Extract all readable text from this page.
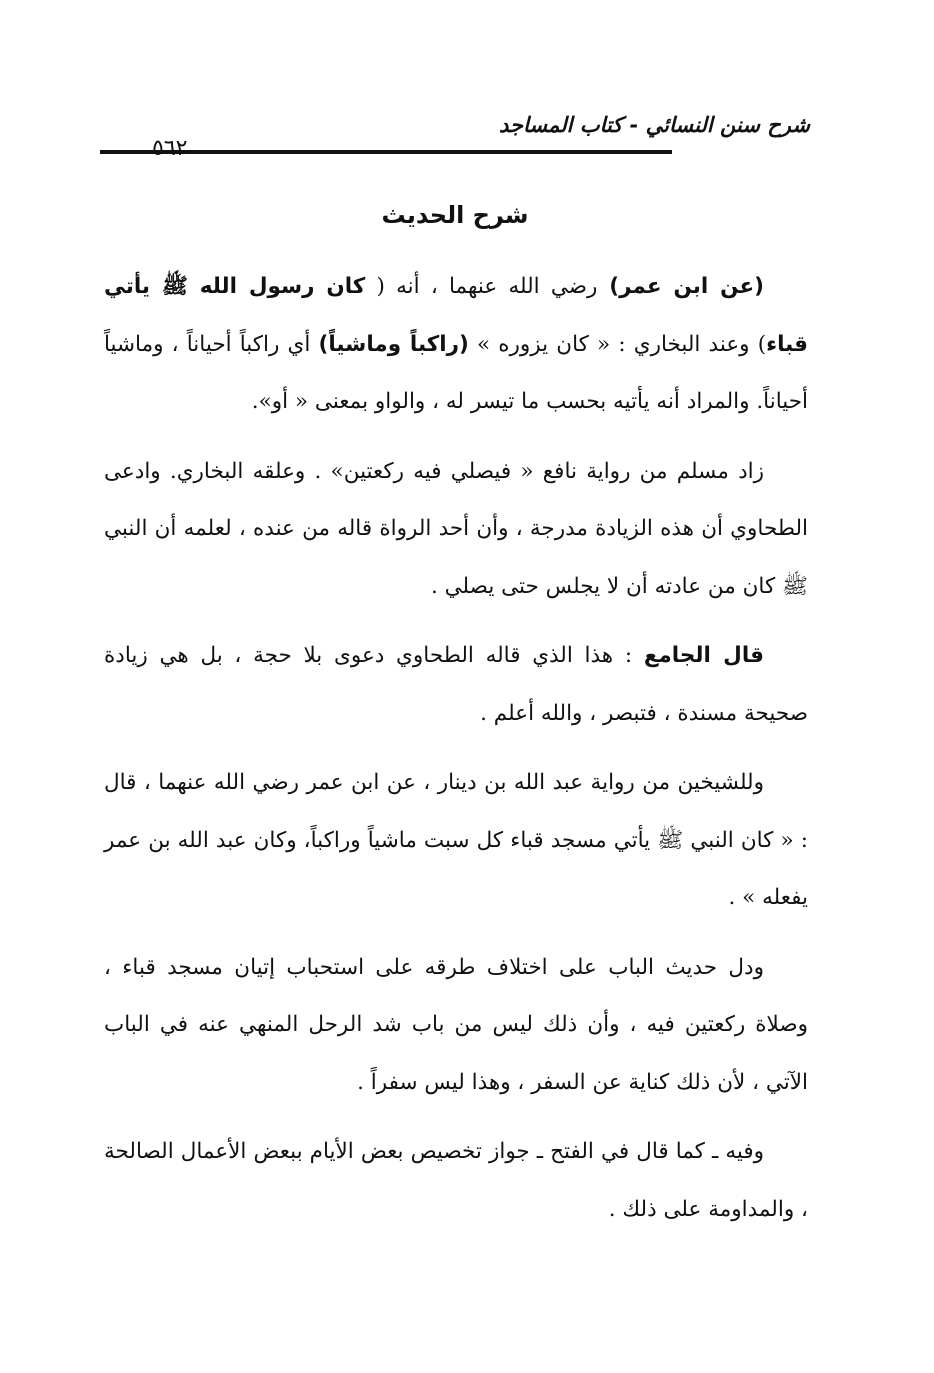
شرح سنن النسائي - كتاب المساجد
٥٦٢
شرح الحديث

(عن ابن عمر) رضي الله عنهما ، أنه ( كان رسول الله ﷺ يأتي قباء) وعند البخاري : « كان يزوره » (راكباً وماشياً) أي راكباً أحياناً ، وماشياً أحياناً. والمراد أنه يأتيه بحسب ما تيسر له ، والواو بمعنى « أو».

زاد مسلم من رواية نافع « فيصلي فيه ركعتين» . وعلقه البخاري. وادعى الطحاوي أن هذه الزيادة مدرجة ، وأن أحد الرواة قاله من عنده ، لعلمه أن النبي ﷺ كان من عادته أن لا يجلس حتى يصلي .

قال الجامع : هذا الذي قاله الطحاوي دعوى بلا حجة ، بل هي زيادة صحيحة مسندة ، فتبصر ، والله أعلم .

وللشيخين من رواية عبد الله بن دينار ، عن ابن عمر رضي الله عنهما ، قال : « كان النبي ﷺ يأتي مسجد قباء كل سبت ماشياً وراكباً، وكان عبد الله بن عمر يفعله » .

ودل حديث الباب على اختلاف طرقه على استحباب إتيان مسجد قباء ، وصلاة ركعتين فيه ، وأن ذلك ليس من باب شد الرحل المنهي عنه في الباب الآتي ، لأن ذلك كناية عن السفر ، وهذا ليس سفراً .

وفيه ـ كما قال في الفتح ـ جواز تخصيص بعض الأيام ببعض الأعمال الصالحة ، والمداومة على ذلك .
